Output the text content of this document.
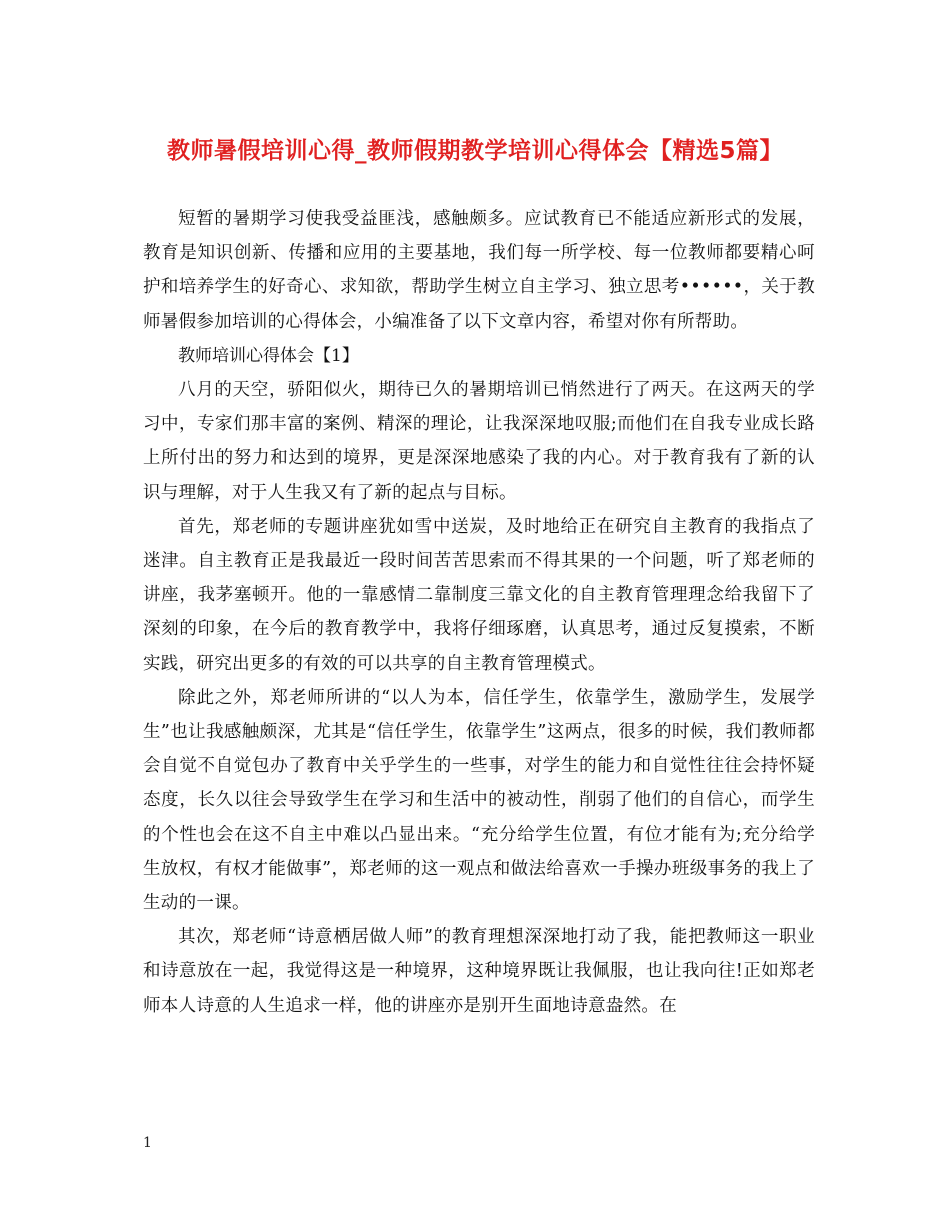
教师暑假培训心得_教师假期教学培训心得体会【精选5篇】

短暂的暑期学习使我受益匪浅，感触颇多。应试教育已不能适应新形式的发展，教育是知识创新、传播和应用的主要基地，我们每一所学校、每一位教师都要精心呵护和培养学生的好奇心、求知欲，帮助学生树立自主学习、独立思考••••••，关于教师暑假参加培训的心得体会，小编准备了以下文章内容，希望对你有所帮助。

教师培训心得体会【1】

八月的天空，骄阳似火，期待已久的暑期培训已悄然进行了两天。在这两天的学习中，专家们那丰富的案例、精深的理论，让我深深地叹服;而他们在自我专业成长路上所付出的努力和达到的境界，更是深深地感染了我的内心。对于教育我有了新的认识与理解，对于人生我又有了新的起点与目标。

首先，郑老师的专题讲座犹如雪中送炭，及时地给正在研究自主教育的我指点了迷津。自主教育正是我最近一段时间苦苦思索而不得其果的一个问题，听了郑老师的讲座，我茅塞顿开。他的一靠感情二靠制度三靠文化的自主教育管理理念给我留下了深刻的印象，在今后的教育教学中，我将仔细琢磨，认真思考，通过反复摸索，不断实践，研究出更多的有效的可以共享的自主教育管理模式。

除此之外，郑老师所讲的“以人为本，信任学生，依靠学生，激励学生，发展学生”也让我感触颇深，尤其是“信任学生，依靠学生”这两点，很多的时候，我们教师都会自觉不自觉包办了教育中关乎学生的一些事，对学生的能力和自觉性往往会持怀疑态度，长久以往会导致学生在学习和生活中的被动性，削弱了他们的自信心，而学生的个性也会在这不自主中难以凸显出来。“充分给学生位置，有位才能有为;充分给学生放权，有权才能做事”，郑老师的这一观点和做法给喜欢一手操办班级事务的我上了生动的一课。

其次，郑老师“诗意栖居做人师”的教育理想深深地打动了我，能把教师这一职业和诗意放在一起，我觉得这是一种境界，这种境界既让我佩服，也让我向往!正如郑老师本人诗意的人生追求一样，他的讲座亦是别开生面地诗意盎然。在

1
